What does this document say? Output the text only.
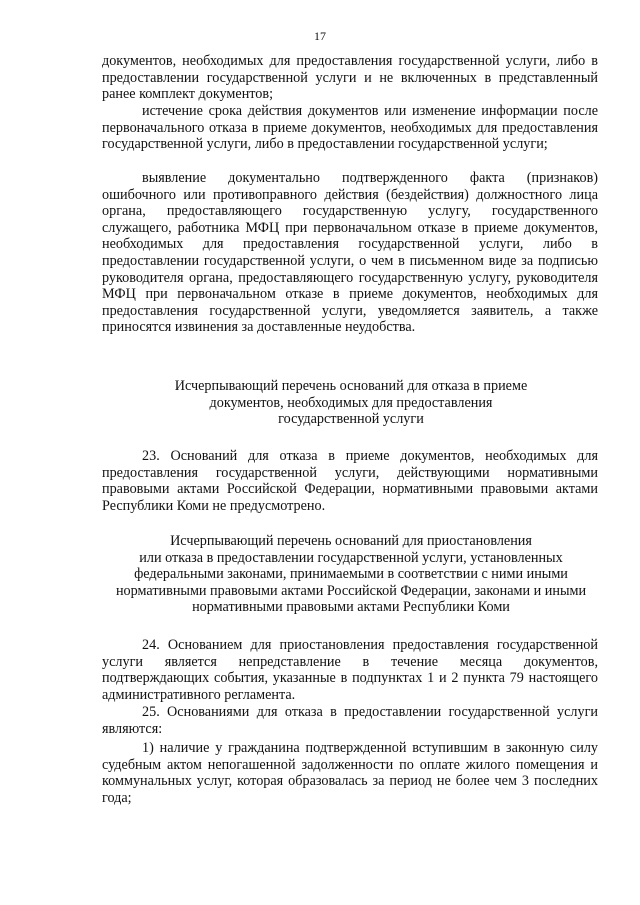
17

документов, необходимых для предоставления государственной услуги, либо в предоставлении государственной услуги и не включенных в представленный ранее комплект документов;

истечение срока действия документов или изменение информации после первоначального отказа в приеме документов, необходимых для предоставления государственной услуги, либо в предоставлении государственной услуги;

выявление документально подтвержденного факта (признаков) ошибочного или противоправного действия (бездействия) должностного лица органа, предоставляющего государственную услугу, государственного служащего, работника МФЦ при первоначальном отказе в приеме документов, необходимых для предоставления государственной услуги, либо в предоставлении государственной услуги, о чем в письменном виде за подписью руководителя органа, предоставляющего государственную услугу, руководителя МФЦ при первоначальном отказе в приеме документов, необходимых для предоставления государственной услуги, уведомляется заявитель, а также приносятся извинения за доставленные неудобства.

Исчерпывающий перечень оснований для отказа в приеме

документов, необходимых для предоставления

государственной услуги

23. Оснований для отказа в приеме документов, необходимых для предоставления государственной услуги, действующими нормативными правовыми актами Российской Федерации, нормативными правовыми актами Республики Коми не предусмотрено.

Исчерпывающий перечень оснований для приостановления

или отказа в предоставлении государственной услуги, установленных

федеральными законами, принимаемыми в соответствии с ними иными

нормативными правовыми актами Российской Федерации, законами и иными

нормативными правовыми актами Республики Коми

24. Основанием для приостановления предоставления государственной услуги является непредставление в течение месяца документов, подтверждающих события, указанные в подпунктах 1 и 2 пункта 79 настоящего административного регламента.

25. Основаниями для отказа в предоставлении государственной услуги являются:

1) наличие у гражданина подтвержденной вступившим в законную силу судебным актом непогашенной задолженности по оплате жилого помещения и коммунальных услуг, которая образовалась за период не более чем 3 последних года;
